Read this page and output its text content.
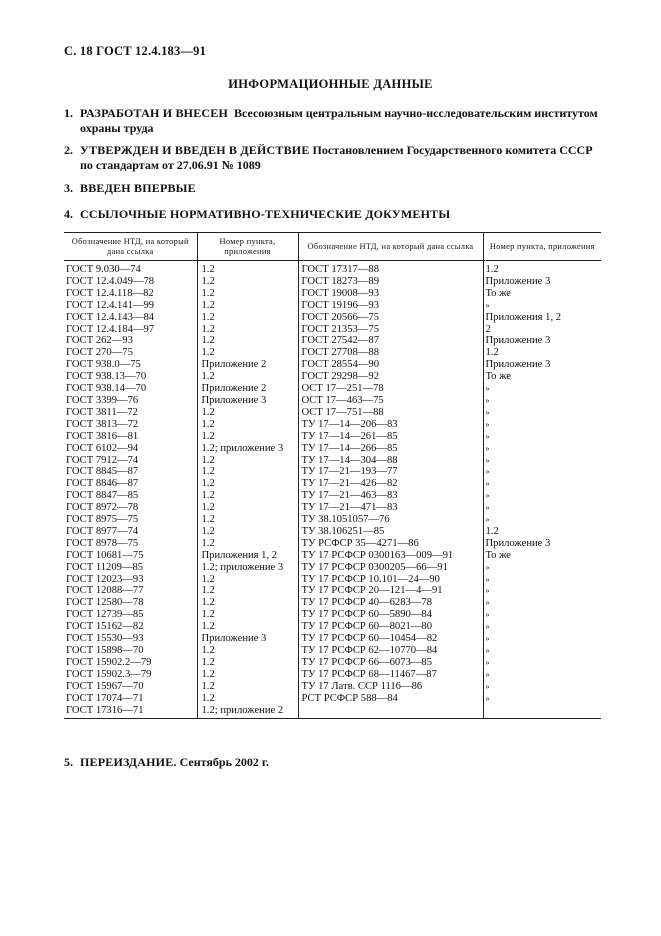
С. 18 ГОСТ 12.4.183—91
ИНФОРМАЦИОННЫЕ ДАННЫЕ
1. РАЗРАБОТАН И ВНЕСЕН Всесоюзным центральным научно-исследовательским институтом охраны труда
2. УТВЕРЖДЕН И ВВЕДЕН В ДЕЙСТВИЕ Постановлением Государственного комитета СССР по стандартам от 27.06.91 № 1089
3. ВВЕДЕН ВПЕРВЫЕ
4. ССЫЛОЧНЫЕ НОРМАТИВНО-ТЕХНИЧЕСКИЕ ДОКУМЕНТЫ
Обозначение НТД, на который дана ссылка	Номер пункта, приложения	Обозначение НТД, на который дана ссылка	Номер пункта, приложения
ГОСТ 9.030—74	1.2	ГОСТ 17317—88	1.2
ГОСТ 12.4.049—78	1.2	ГОСТ 18273—89	Приложение 3
ГОСТ 12.4.118—82	1.2	ГОСТ 19008—93	То же
ГОСТ 12.4.141—99	1.2	ГОСТ 19196—93	»
ГОСТ 12.4.143—84	1.2	ГОСТ 20566—75	Приложения 1, 2
ГОСТ 12.4.184—97	1.2	ГОСТ 21353—75	2
ГОСТ 262—93	1.2	ГОСТ 27542—87	Приложение 3
ГОСТ 270—75	1.2	ГОСТ 27708—88	1.2
ГОСТ 938.0—75	Приложение 2	ГОСТ 28554—90	Приложение 3
ГОСТ 938.13—70	1.2	ГОСТ 29298—92	То же
ГОСТ 938.14—70	Приложение 2	ОСТ 17—251—78	»
ГОСТ 3399—76	Приложение 3	ОСТ 17—463—75	»
ГОСТ 3811—72	1.2	ОСТ 17—751—88	»
ГОСТ 3813—72	1.2	ТУ 17—14—206—83	»
ГОСТ 3816—81	1.2	ТУ 17—14—261—85	»
ГОСТ 6102—94	1.2; приложение 3	ТУ 17—14—266—85	»
ГОСТ 7912—74	1.2	ТУ 17—14—304—88	»
ГОСТ 8845—87	1.2	ТУ 17—21—193—77	»
ГОСТ 8846—87	1.2	ТУ 17—21—426—82	»
ГОСТ 8847—85	1.2	ТУ 17—21—463—83	»
ГОСТ 8972—78	1.2	ТУ 17—21—471—83	»
ГОСТ 8975—75	1.2	ТУ 38.1051057—76	»
ГОСТ 8977—74	1.2	ТУ 38.106251—85	1.2
ГОСТ 8978—75	1.2	ТУ РСФСР 35—4271—86	Приложение 3
ГОСТ 10681—75	Приложения 1, 2	ТУ 17 РСФСР 0300163—009—91	То же
ГОСТ 11209—85	1.2; приложение 3	ТУ 17 РСФСР 0300205—66—91	»
ГОСТ 12023—93	1.2	ТУ 17 РСФСР 10.101—24—90	»
ГОСТ 12088—77	1.2	ТУ 17 РСФСР 20—121—4—91	»
ГОСТ 12580—78	1.2	ТУ 17 РСФСР 40—6283—78	»
ГОСТ 12739—85	1.2	ТУ 17 РСФСР 60—5890—84	»
ГОСТ 15162—82	1.2	ТУ 17 РСФСР 60—8021—80	»
ГОСТ 15530—93	Приложение 3	ТУ 17 РСФСР 60—10454—82	»
ГОСТ 15898—70	1.2	ТУ 17 РСФСР 62—10770—84	»
ГОСТ 15902.2—79	1.2	ТУ 17 РСФСР 66—6073—85	»
ГОСТ 15902.3—79	1.2	ТУ 17 РСФСР 68—11467—87	»
ГОСТ 15967—70	1.2	ТУ 17 Латв. ССР 1116—86	»
ГОСТ 17074—71	1.2	РСТ РСФСР 588—84	»
ГОСТ 17316—71	1.2; приложение 2		
5. ПЕРЕИЗДАНИЕ. Сентябрь 2002 г.
